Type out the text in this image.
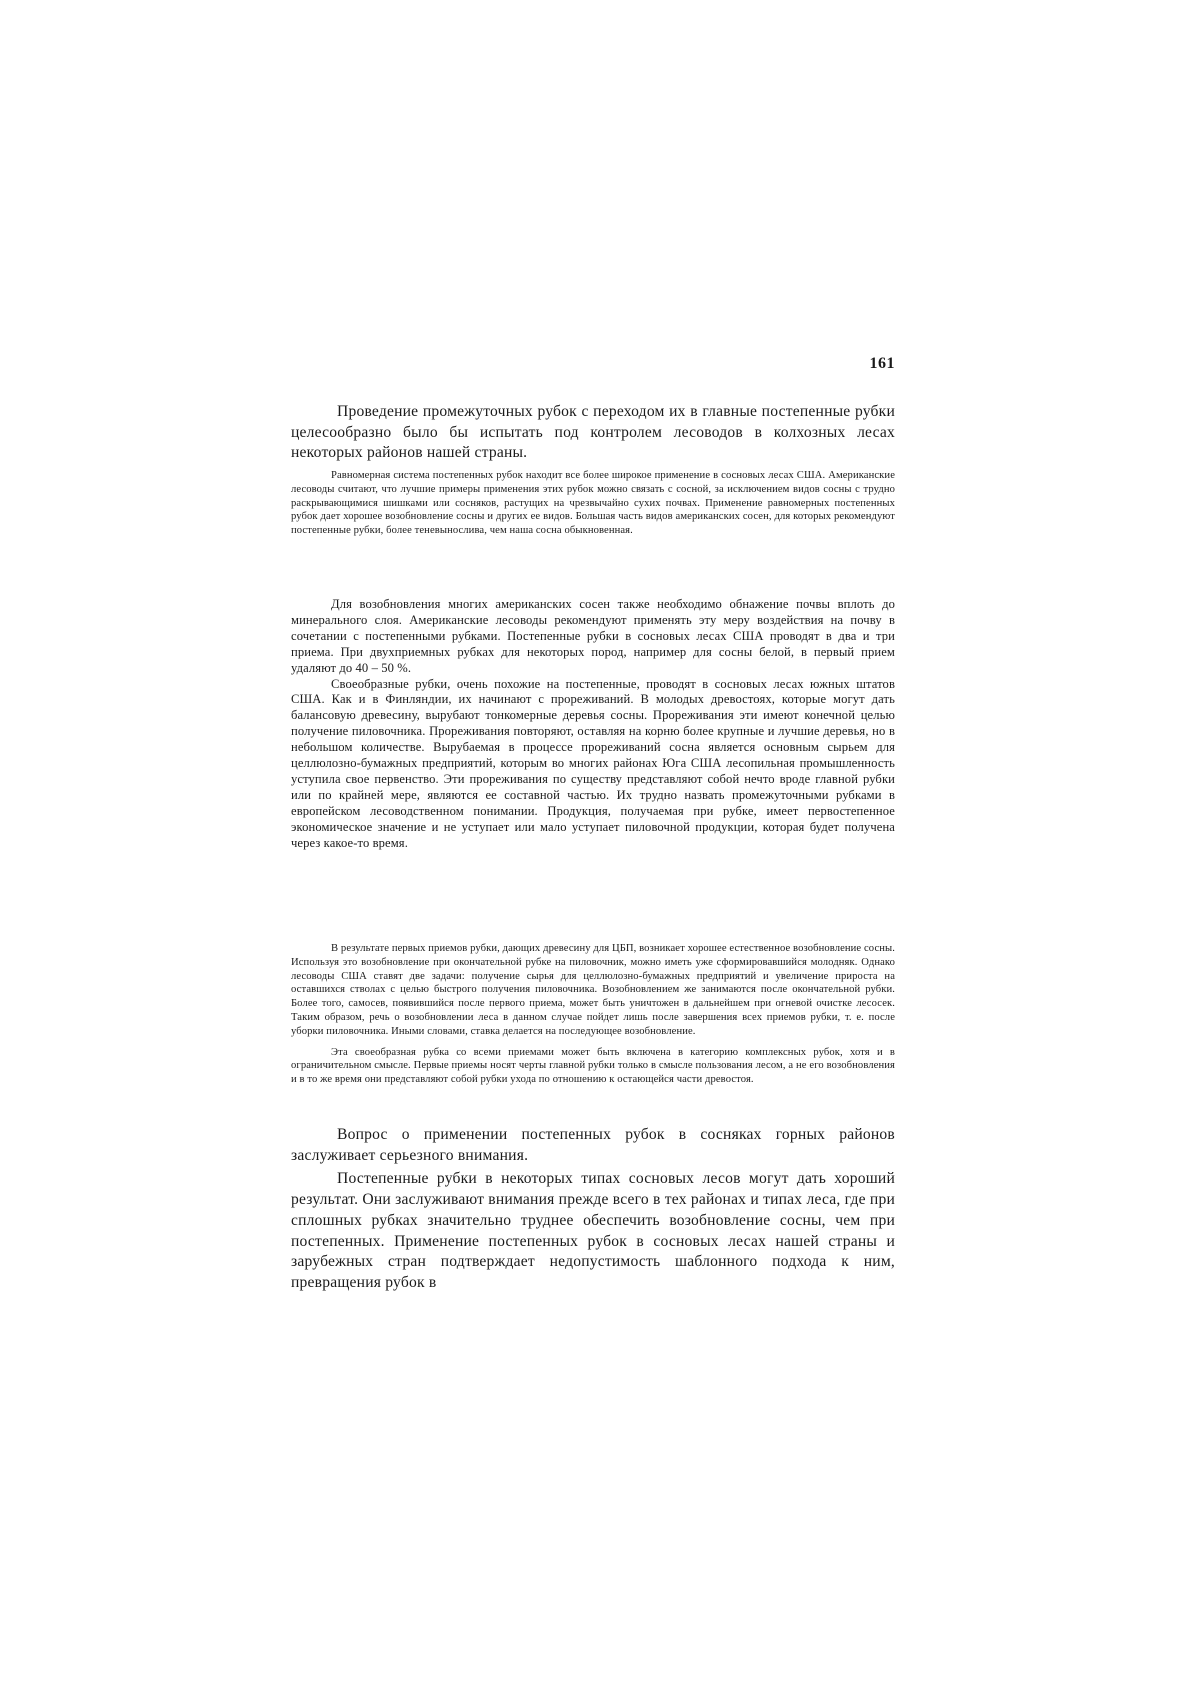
161

Проведение промежуточных рубок с переходом их в главные постепенные рубки целесообразно было бы испытать под контролем лесоводов в колхозных лесах некоторых районов нашей страны.

Равномерная система постепенных рубок находит все более широкое применение в сосновых лесах США. Американские лесоводы считают, что лучшие примеры применения этих рубок можно связать с сосной, за исключением видов сосны с трудно раскрывающимися шишками или сосняков, растущих на чрезвычайно сухих почвах. Применение равномерных постепенных рубок дает хорошее возобновление сосны и других ее видов. Большая часть видов американских сосен, для которых рекомендуют постепенные рубки, более теневынослива, чем наша сосна обыкновенная.

Для возобновления многих американских сосен также необходимо обнажение почвы вплоть до минерального слоя. Американские лесоводы рекомендуют применять эту меру воздействия на почву в сочетании с постепенными рубками. Постепенные рубки в сосновых лесах США проводят в два и три приема. При двухприемных рубках для некоторых пород, например для сосны белой, в первый прием удаляют до 40 – 50 %.

Своеобразные рубки, очень похожие на постепенные, проводят в сосновых лесах южных штатов США. Как и в Финляндии, их начинают с прореживаний. В молодых древостоях, которые могут дать балансовую древесину, вырубают тонкомерные деревья сосны. Прореживания эти имеют конечной целью получение пиловочника. Прореживания повторяют, оставляя на корню более крупные и лучшие деревья, но в небольшом количестве. Вырубаемая в процессе прореживаний сосна является основным сырьем для целлюлозно-бумажных предприятий, которым во многих районах Юга США лесопильная промышленность уступила свое первенство. Эти прореживания по существу представляют собой нечто вроде главной рубки или по крайней мере, являются ее составной частью. Их трудно назвать промежуточными рубками в европейском лесоводственном понимании. Продукция, получаемая при рубке, имеет первостепенное экономическое значение и не уступает или мало уступает пиловочной продукции, которая будет получена через какое-то время.

В результате первых приемов рубки, дающих древесину для ЦБП, возникает хорошее естественное возобновление сосны. Используя это возобновление при окончательной рубке на пиловочник, можно иметь уже сформировавшийся молодняк. Однако лесоводы США ставят две задачи: получение сырья для целлюлозно-бумажных предприятий и увеличение прироста на оставшихся стволах с целью быстрого получения пиловочника. Возобновлением же занимаются после окончательной рубки. Более того, самосев, появившийся после первого приема, может быть уничтожен в дальнейшем при огневой очистке лесосек. Таким образом, речь о возобновлении леса в данном случае пойдет лишь после завершения всех приемов рубки, т. е. после уборки пиловочника. Иными словами, ставка делается на последующее возобновление.

Эта своеобразная рубка со всеми приемами может быть включена в категорию комплексных рубок, хотя и в ограничительном смысле. Первые приемы носят черты главной рубки только в смысле пользования лесом, а не его возобновления и в то же время они представляют собой рубки ухода по отношению к остающейся части древостоя.

Вопрос о применении постепенных рубок в сосняках горных районов заслуживает серьезного внимания.

Постепенные рубки в некоторых типах сосновых лесов могут дать хороший результат. Они заслуживают внимания прежде всего в тех районах и типах леса, где при сплошных рубках значительно труднее обеспечить возобновление сосны, чем при постепенных. Применение постепенных рубок в сосновых лесах нашей страны и зарубежных стран подтверждает недопустимость шаблонного подхода к ним, превращения рубок в
